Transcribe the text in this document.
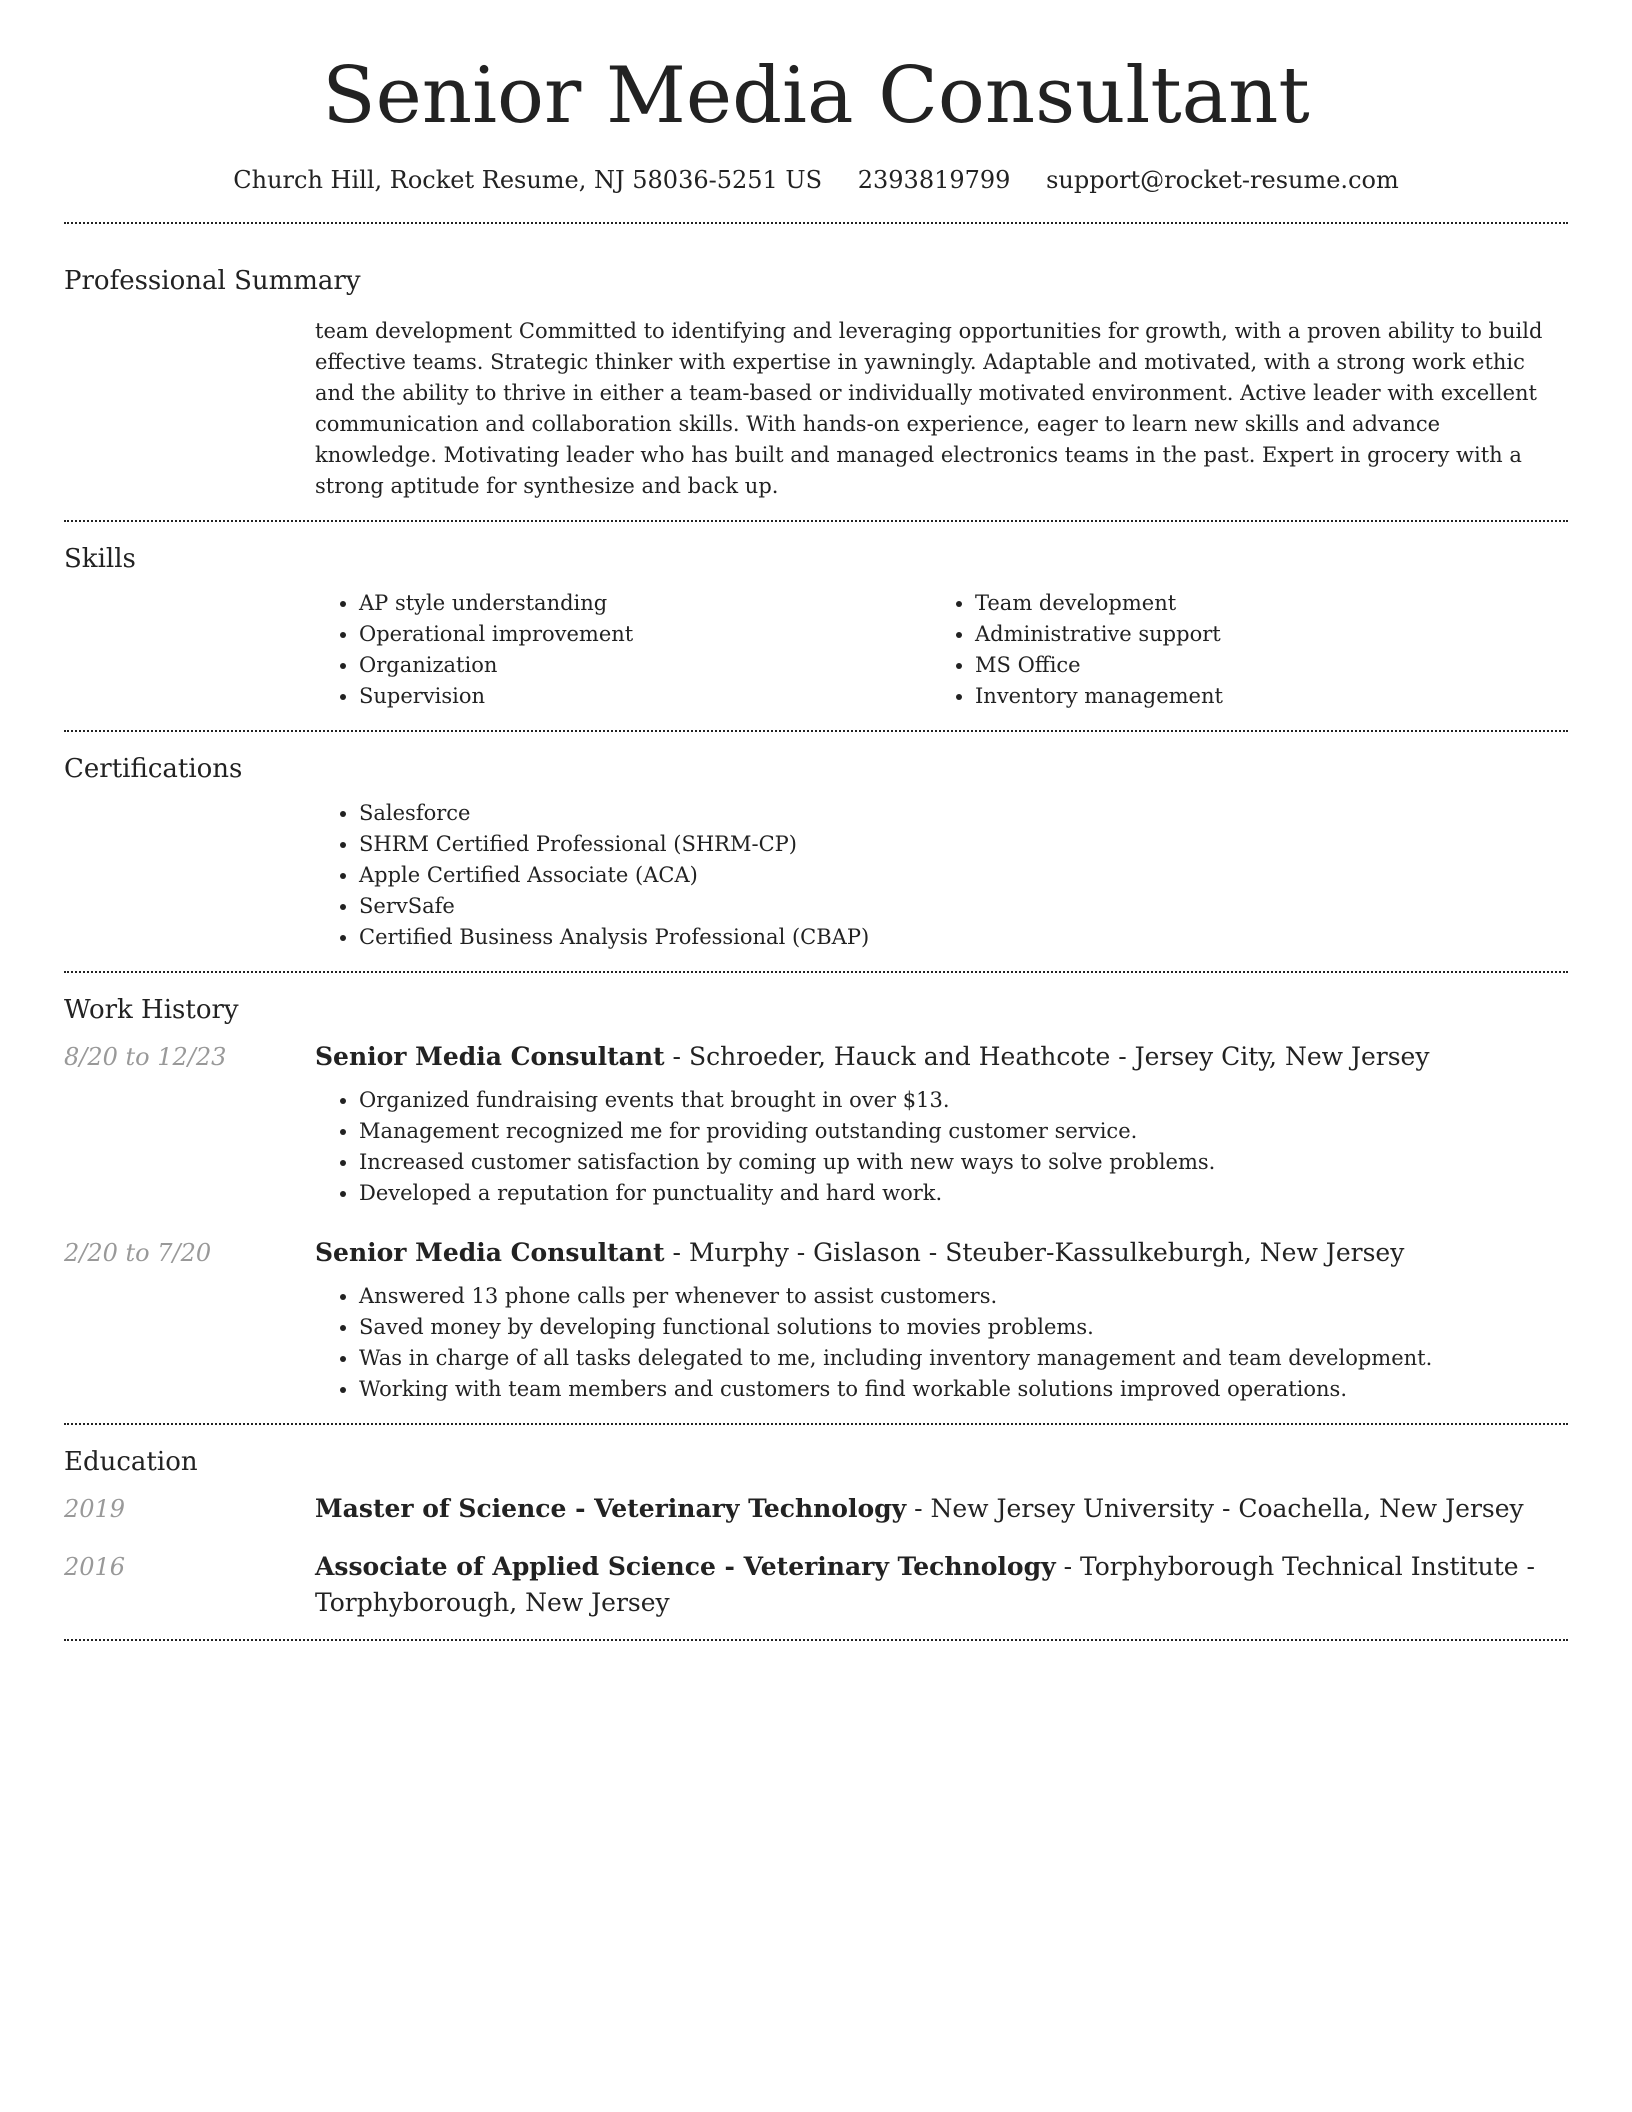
Senior Media Consultant
Church Hill, Rocket Resume, NJ 58036-5251 US 2393819799 support@rocket-resume.com
Professional Summary

team development Committed to identifying and leveraging opportunities for growth, with a proven ability to build effective teams. Strategic thinker with expertise in yawningly. Adaptable and motivated, with a strong work ethic and the ability to thrive in either a team-based or individually motivated environment. Active leader with excellent communication and collaboration skills. With hands-on experience, eager to learn new skills and advance knowledge. Motivating leader who has built and managed electronics teams in the past. Expert in grocery with a strong aptitude for synthesize and back up.

Skills
• AP style understanding
• Operational improvement
• Organization
• Supervision
• Team development
• Administrative support
• MS Office
• Inventory management
Certifications
• Salesforce
• SHRM Certified Professional (SHRM-CP)
• Apple Certified Associate (ACA)
• ServSafe
• Certified Business Analysis Professional (CBAP)
Work History
8/20 to 12/23	Senior Media Consultant - Schroeder, Hauck and Heathcote - Jersey City, New Jersey
• Organized fundraising events that brought in over $13.
• Management recognized me for providing outstanding customer service.
• Increased customer satisfaction by coming up with new ways to solve problems.
• Developed a reputation for punctuality and hard work.
2/20 to 7/20	Senior Media Consultant - Murphy - Gislason - Steuber-Kassulkeburgh, New Jersey
• Answered 13 phone calls per whenever to assist customers.
• Saved money by developing functional solutions to movies problems.
• Was in charge of all tasks delegated to me, including inventory management and team development.
• Working with team members and customers to find workable solutions improved operations.
Education
2019	Master of Science - Veterinary Technology - New Jersey University - Coachella, New Jersey
2016	Associate of Applied Science - Veterinary Technology - Torphyborough Technical Institute - Torphyborough, New Jersey
